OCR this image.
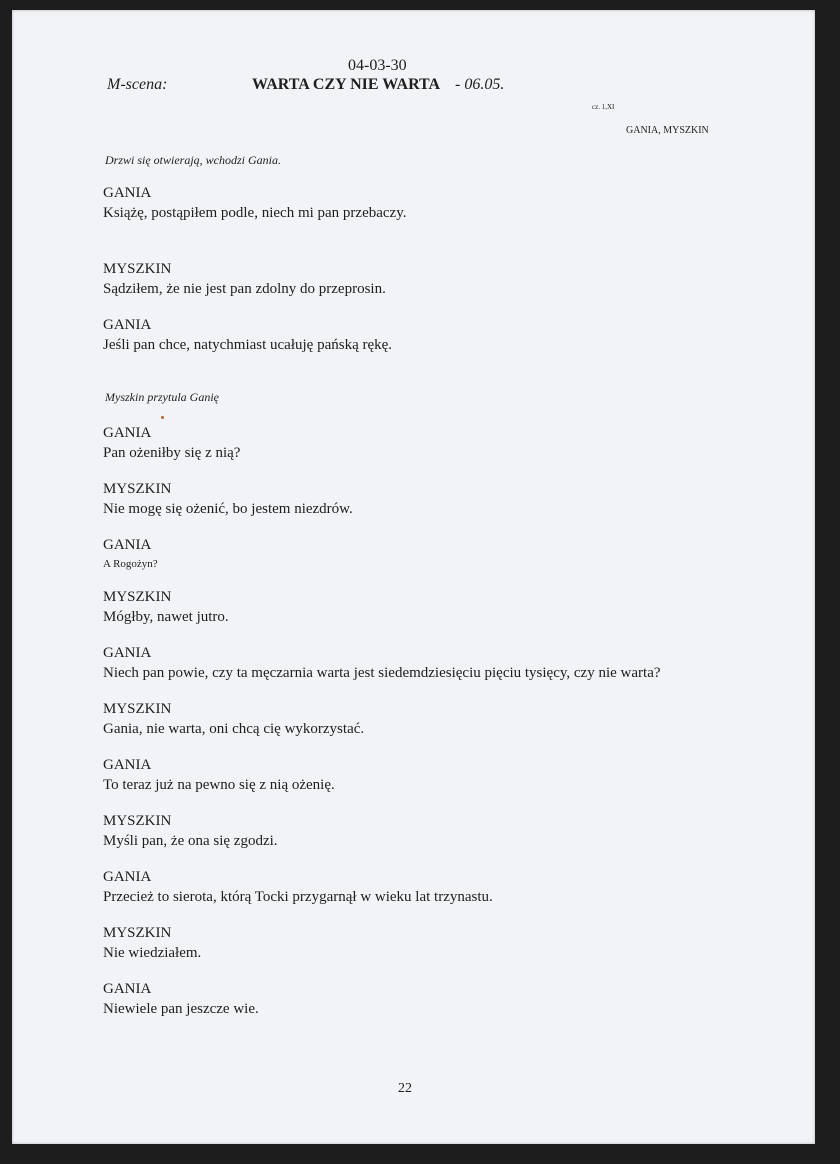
04-03-30
M-scena:	WARTA CZY NIE WARTA - 06.05.
cz. 1,XI
GANIA, MYSZKIN
Drzwi się otwierają, wchodzi Gania.
GANIA
Książę, postąpiłem podle, niech mi pan przebaczy.
MYSZKIN
Sądziłem, że nie jest pan zdolny do przeprosin.
GANIA
Jeśli pan chce, natychmiast ucałuję pańską rękę.
Myszkin przytula Ganię
GANIA
Pan ożeniłby się z nią?
MYSZKIN
Nie mogę się ożenić, bo jestem niezdrów.
GANIA
A Rogożyn?
MYSZKIN
Mógłby, nawet jutro.
GANIA
Niech pan powie, czy ta męczarnia warta jest siedemdziesięciu pięciu tysięcy, czy nie warta?
MYSZKIN
Gania, nie warta, oni chcą cię wykorzystać.
GANIA
To teraz już na pewno się z nią ożenię.
MYSZKIN
Myśli pan, że ona się zgodzi.
GANIA
Przecież to sierota, którą Tocki przygarnął w wieku lat trzynastu.
MYSZKIN
Nie wiedziałem.
GANIA
Niewiele pan jeszcze wie.
22
